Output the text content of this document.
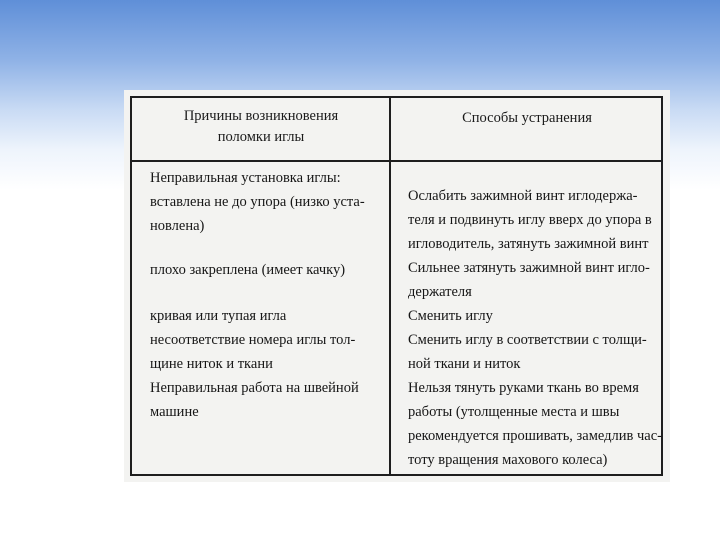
Причины возникновения
поломки иглы
Способы устранения
Неправильная установка иглы:
вставлена не до упора (низко уста-
новлена)
плохо закреплена (имеет качку)
кривая или тупая игла
несоответствие номера иглы тол-
щине ниток и ткани
Неправильная работа на швейной
машине
Ослабить зажимной винт иглодержа-
теля и подвинуть иглу вверх до упора в
игловодитель, затянуть зажимной винт
Сильнее затянуть зажимной винт игло-
держателя
Сменить иглу
Сменить иглу в соответствии с толщи-
ной ткани и ниток
Нельзя тянуть руками ткань во время
работы (утолщенные места и швы
рекомендуется прошивать, замедлив час-
тоту вращения махового колеса)
